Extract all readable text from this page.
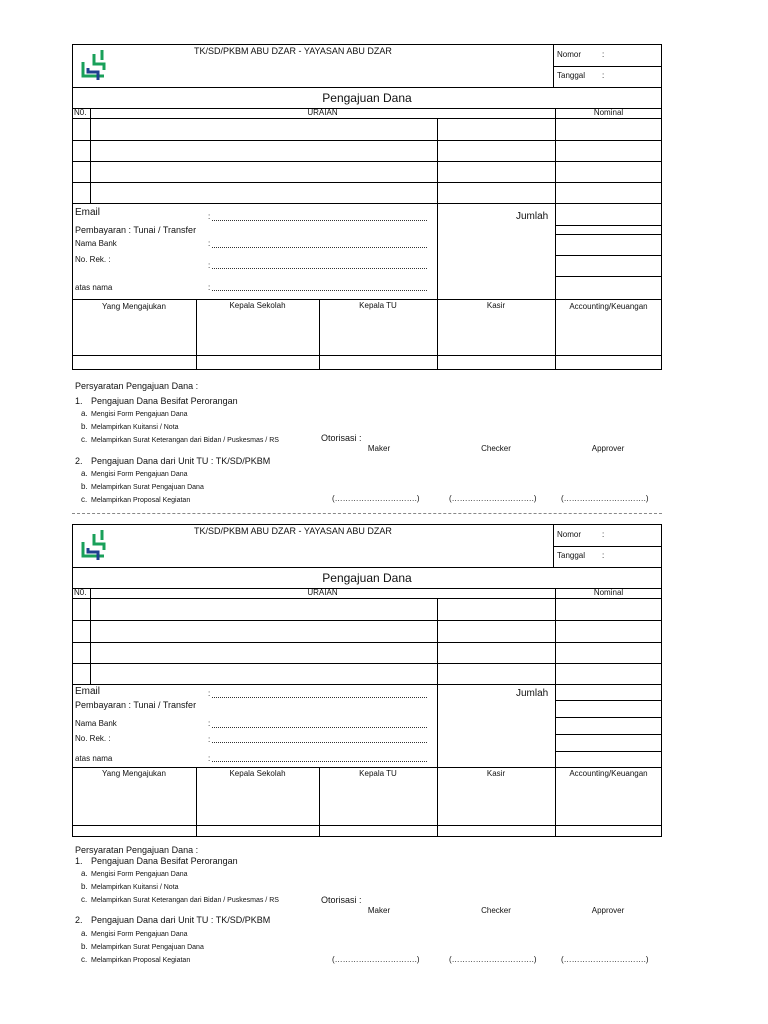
TK/SD/PKBM ABU DZAR - YAYASAN ABU DZAR	Nomor	:
Tanggal :
Pengajuan Dana
N0.	URAIAN	Nominal
Email	:
Pembayaran : Tunai / Transfer
Nama Bank	:
No. Rek. :
:
atas nama	:
Jumlah
Yang Mengajukan	Kepala Sekolah	Kepala TU	Kasir	Accounting/Keuangan
Persyaratan Pengajuan Dana :
1. Pengajuan Dana Besifat Perorangan
a. Mengisi Form Pengajuan Dana
b. Melampirkan Kuitansi / Nota
c. Melampirkan Surat Keterangan dari Bidan / Puskesmas / RS	Otorisasi :
Maker	Checker	Approver
2. Pengajuan Dana dari Unit TU : TK/SD/PKBM
a. Mengisi Form Pengajuan Dana
b. Melampirkan Surat Pengajuan Dana
c. Melampirkan Proposal Kegiatan	(………………………….)	(………………………….)	(………………………….)
TK/SD/PKBM ABU DZAR - YAYASAN ABU DZAR	Nomor	:
Tanggal :
Pengajuan Dana
N0.	URAIAN	Nominal
Email	:
Pembayaran : Tunai / Transfer
Nama Bank	:
No. Rek. :	:
atas nama	:
Jumlah
Yang Mengajukan	Kepala Sekolah	Kepala TU	Kasir	Accounting/Keuangan
Persyaratan Pengajuan Dana :
1. Pengajuan Dana Besifat Perorangan
a. Mengisi Form Pengajuan Dana
b. Melampirkan Kuitansi / Nota
c. Melampirkan Surat Keterangan dari Bidan / Puskesmas / RS	Otorisasi :
Maker	Checker	Approver
2. Pengajuan Dana dari Unit TU : TK/SD/PKBM
a. Mengisi Form Pengajuan Dana
b. Melampirkan Surat Pengajuan Dana
c. Melampirkan Proposal Kegiatan	(………………………….)	(………………………….)	(………………………….)
